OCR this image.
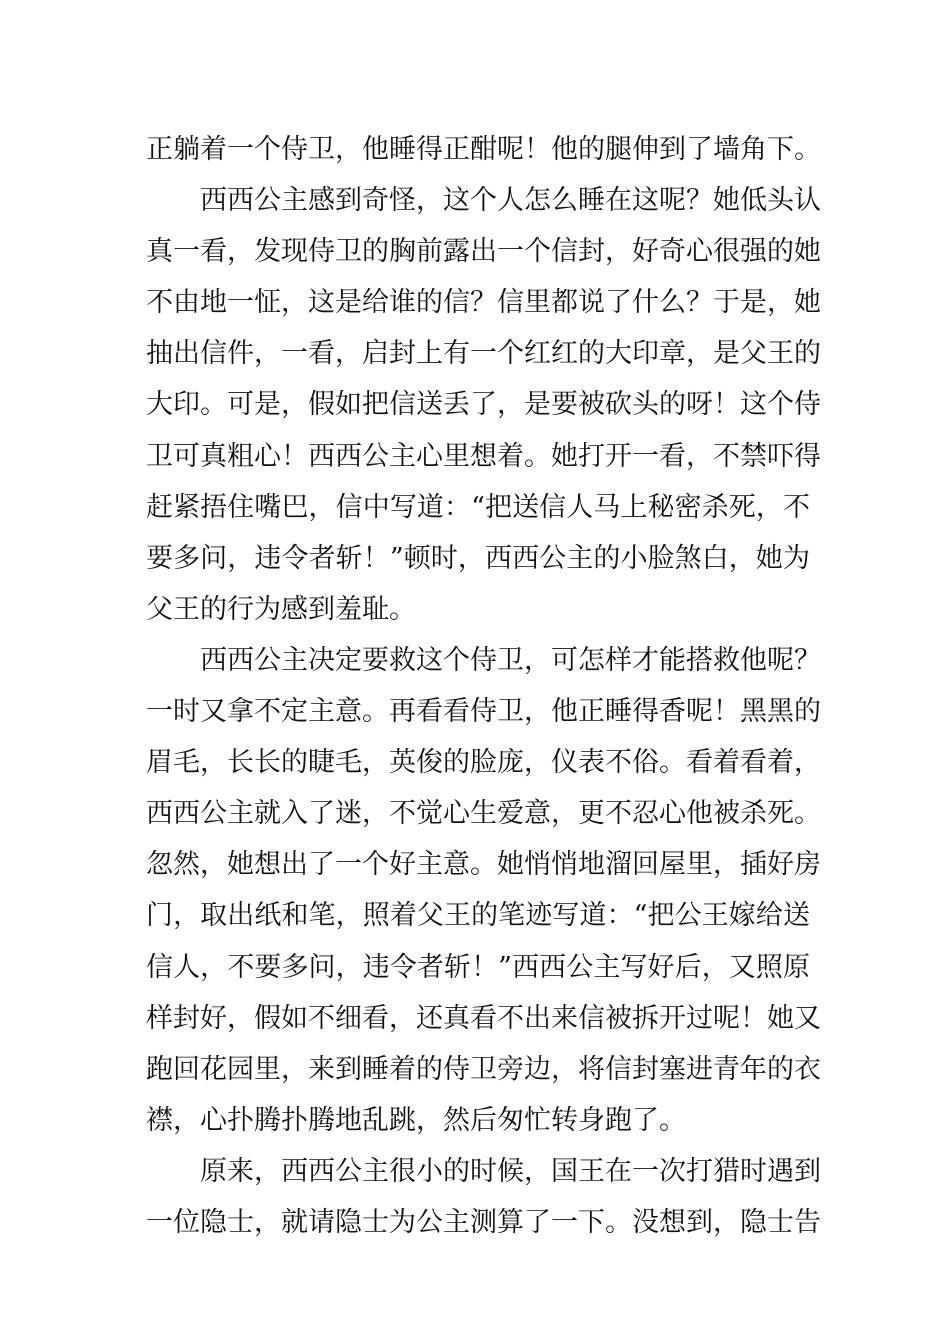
正躺着一个侍卫，他睡得正酣呢！他的腿伸到了墙角下。
西西公主感到奇怪，这个人怎么睡在这呢？她低头认
真一看，发现侍卫的胸前露出一个信封，好奇心很强的她
不由地一怔，这是给谁的信？信里都说了什么？于是，她
抽出信件，一看，启封上有一个红红的大印章，是父王的
大印。可是，假如把信送丢了，是要被砍头的呀！这个侍
卫可真粗心！西西公主心里想着。她打开一看，不禁吓得
赶紧捂住嘴巴，信中写道：“把送信人马上秘密杀死，不
要多问，违令者斩！”顿时，西西公主的小脸煞白，她为
父王的行为感到羞耻。
西西公主决定要救这个侍卫，可怎样才能搭救他呢？
一时又拿不定主意。再看看侍卫，他正睡得香呢！黑黑的
眉毛，长长的睫毛，英俊的脸庞，仪表不俗。看着看着，
西西公主就入了迷，不觉心生爱意，更不忍心他被杀死。
忽然，她想出了一个好主意。她悄悄地溜回屋里，插好房
门，取出纸和笔，照着父王的笔迹写道：“把公王嫁给送
信人，不要多问，违令者斩！”西西公主写好后，又照原
样封好，假如不细看，还真看不出来信被拆开过呢！她又
跑回花园里，来到睡着的侍卫旁边，将信封塞进青年的衣
襟，心扑腾扑腾地乱跳，然后匆忙转身跑了。
原来，西西公主很小的时候，国王在一次打猎时遇到
一位隐士，就请隐士为公主测算了一下。没想到，隐士告
